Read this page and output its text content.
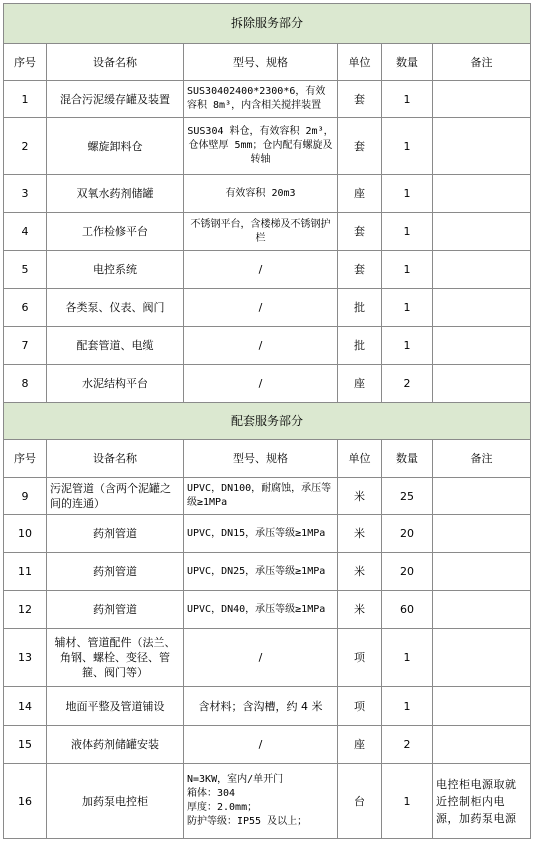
拆除服务部分					
序号	设备名称	型号、规格	单位	数量	备注
1	混合污泥缓存罐及装置	SUS30402400*2300*6，有效容积 8m³，内含相关搅拌装置	套	1	
2	螺旋卸料仓	SUS304 料仓，有效容积 2m³，仓体壁厚 5mm；仓内配有螺旋及转轴	套	1	
3	双氧水药剂储罐	有效容积 20m3	座	1	
4	工作检修平台	不锈钢平台，含楼梯及不锈钢护栏	套	1	
5	电控系统	/	套	1	
6	各类泵、仪表、阀门	/	批	1	
7	配套管道、电缆	/	批	1	
8	水泥结构平台	/	座	2	
配套服务部分					
序号	设备名称	型号、规格	单位	数量	备注
9	污泥管道（含两个泥罐之间的连通）	UPVC，DN100，耐腐蚀，承压等级≥1MPa	米	25	
10	药剂管道	UPVC，DN15，承压等级≥1MPa	米	20	
11	药剂管道	UPVC，DN25，承压等级≥1MPa	米	20	
12	药剂管道	UPVC，DN40，承压等级≥1MPa	米	60	
13	辅材、管道配件（法兰、角钢、螺栓、变径、管箍、阀门等）	/	项	1	
14	地面平整及管道铺设	含材料；含沟槽，约 4 米	项	1	
15	液体药剂储罐安装	/	座	2	
16	加药泵电控柜	N=3KW，室内/单开门
箱体：304
厚度：2.0mm；
防护等级：IP55 及以上；	台	1	电控柜电源取就近控制柜内电源，加药泵电源
